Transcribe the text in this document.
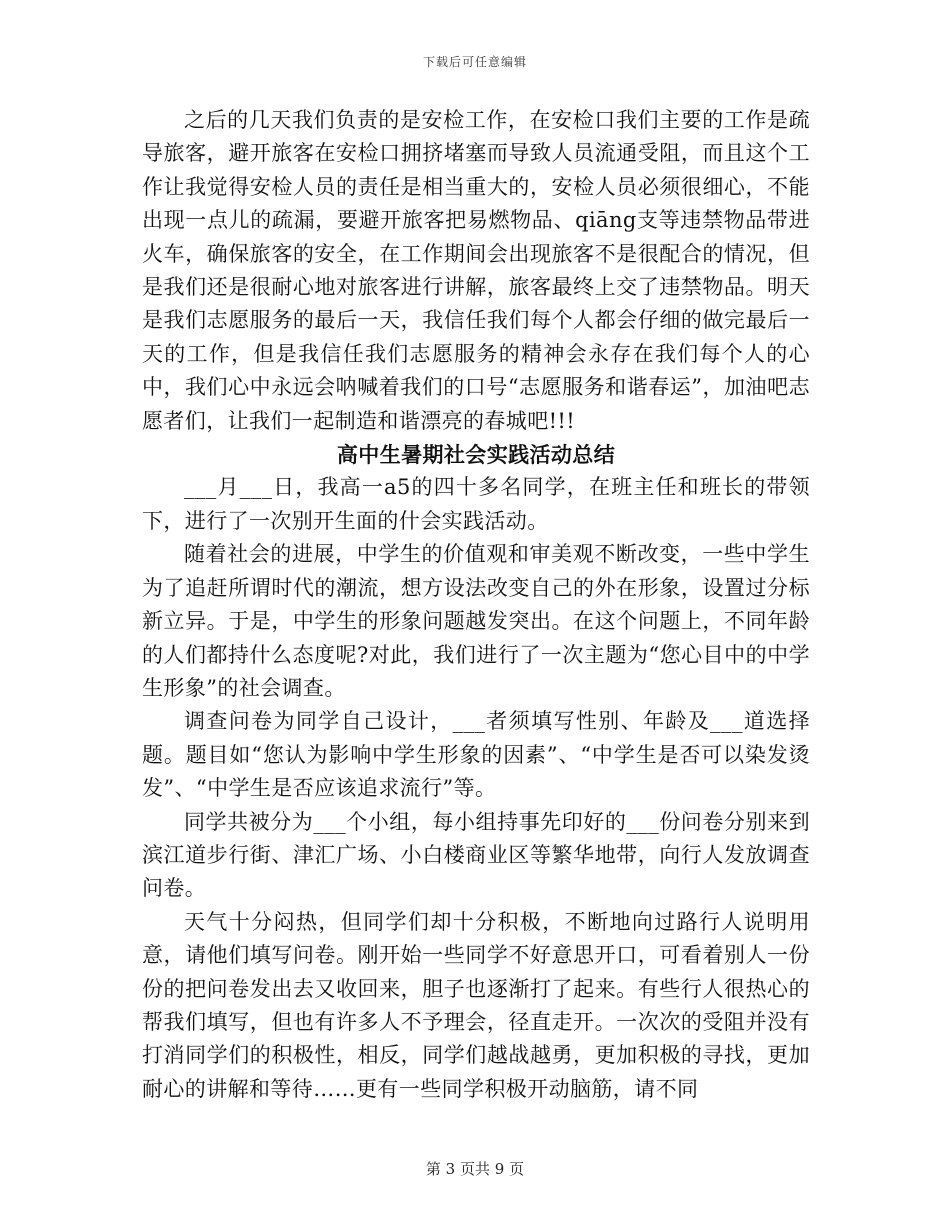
下载后可任意编辑

之后的几天我们负责的是安检工作，在安检口我们主要的工作是疏导旅客，避开旅客在安检口拥挤堵塞而导致人员流通受阻，而且这个工作让我觉得安检人员的责任是相当重大的，安检人员必须很细心，不能出现一点儿的疏漏，要避开旅客把易燃物品、qiāng支等违禁物品带进火车，确保旅客的安全，在工作期间会出现旅客不是很配合的情况，但是我们还是很耐心地对旅客进行讲解，旅客最终上交了违禁物品。明天是我们志愿服务的最后一天，我信任我们每个人都会仔细的做完最后一天的工作，但是我信任我们志愿服务的精神会永存在我们每个人的心中，我们心中永远会呐喊着我们的口号“志愿服务和谐春运”，加油吧志愿者们，让我们一起制造和谐漂亮的春城吧!!!

高中生暑期社会实践活动总结

___月___日，我高一a5的四十多名同学，在班主任和班长的带领下，进行了一次别开生面的什会实践活动。

随着社会的进展，中学生的价值观和审美观不断改变，一些中学生为了追赶所谓时代的潮流，想方设法改变自己的外在形象，设置过分标新立异。于是，中学生的形象问题越发突出。在这个问题上，不同年龄的人们都持什么态度呢?对此，我们进行了一次主题为“您心目中的中学生形象”的社会调查。

调查问卷为同学自己设计，___者须填写性别、年龄及___道选择题。题目如“您认为影响中学生形象的因素”、“中学生是否可以染发烫发”、“中学生是否应该追求流行”等。

同学共被分为___个小组，每小组持事先印好的___份问卷分别来到滨江道步行街、津汇广场、小白楼商业区等繁华地带，向行人发放调查问卷。

天气十分闷热，但同学们却十分积极，不断地向过路行人说明用意，请他们填写问卷。刚开始一些同学不好意思开口，可看着别人一份份的把问卷发出去又收回来，胆子也逐渐打了起来。有些行人很热心的帮我们填写，但也有许多人不予理会，径直走开。一次次的受阻并没有打消同学们的积极性，相反，同学们越战越勇，更加积极的寻找，更加耐心的讲解和等待……更有一些同学积极开动脑筋，请不同

第 3 页共 9 页
